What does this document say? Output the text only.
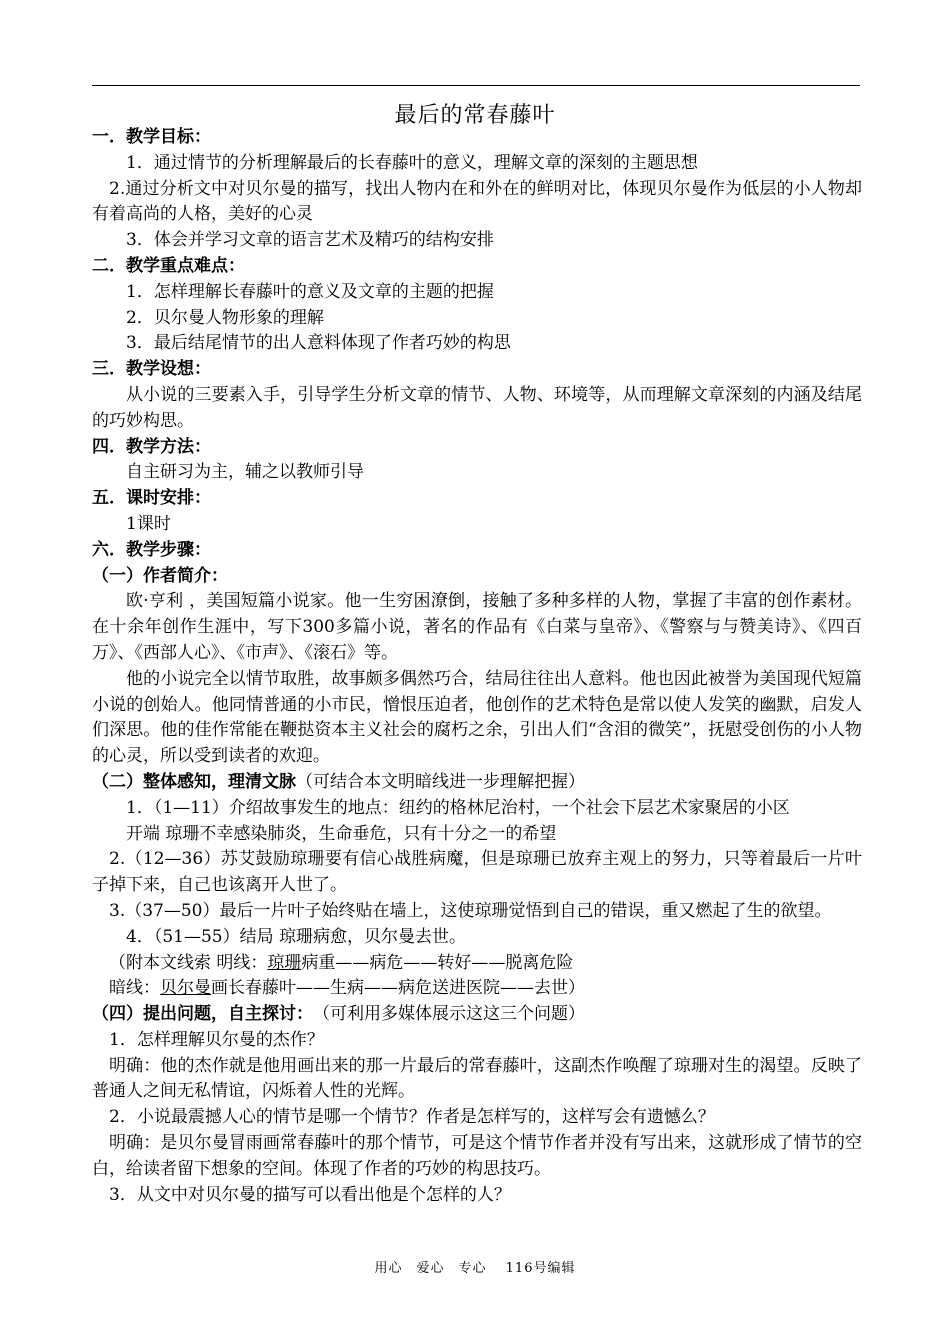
最后的常春藤叶

一．教学目标：

1．通过情节的分析理解最后的长春藤叶的意义，理解文章的深刻的主题思想

2.通过分析文中对贝尔曼的描写，找出人物内在和外在的鲜明对比，体现贝尔曼作为低层的小人物却有着高尚的人格，美好的心灵

3．体会并学习文章的语言艺术及精巧的结构安排

二．教学重点难点：

1．怎样理解长春藤叶的意义及文章的主题的把握

2．贝尔曼人物形象的理解

3．最后结尾情节的出人意料体现了作者巧妙的构思

三．教学设想：

从小说的三要素入手，引导学生分析文章的情节、人物、环境等，从而理解文章深刻的内涵及结尾的巧妙构思。

四．教学方法：

自主研习为主，辅之以教师引导

五．课时安排：

1课时

六．教学步骤：

（一）作者简介：

欧·亨利 ，美国短篇小说家。他一生穷困潦倒，接触了多种多样的人物，掌握了丰富的创作素材。在十余年创作生涯中，写下300多篇小说，著名的作品有《白菜与皇帝》、《警察与与赞美诗》、《四百万》、《西部人心》、《市声》、《滚石》等。

他的小说完全以情节取胜，故事颇多偶然巧合，结局往往出人意料。他也因此被誉为美国现代短篇小说的创始人。他同情普通的小市民，憎恨压迫者，他创作的艺术特色是常以使人发笑的幽默，启发人们深思。他的佳作常能在鞭挞资本主义社会的腐朽之余，引出人们“含泪的微笑”，抚慰受创伤的小人物的心灵，所以受到读者的欢迎。

（二）整体感知，理清文脉（可结合本文明暗线进一步理解把握）

1．（1—11）介绍故事发生的地点：纽约的格林尼治村，一个社会下层艺术家聚居的小区

开端 琼珊不幸感染肺炎，生命垂危，只有十分之一的希望

2.（12—36）苏艾鼓励琼珊要有信心战胜病魔，但是琼珊已放弃主观上的努力，只等着最后一片叶子掉下来，自己也该离开人世了。

3.（37—50）最后一片叶子始终贴在墙上，这使琼珊觉悟到自己的错误，重又燃起了生的欲望。

4．（51—55）结局 琼珊病愈，贝尔曼去世。

（附本文线索 明线：琼珊病重——病危——转好——脱离危险

暗线：贝尔曼画长春藤叶——生病——病危送进医院——去世）

（四）提出问题，自主探讨：　 （可利用多媒体展示这这三个问题）

1．怎样理解贝尔曼的杰作？

明确：他的杰作就是他用画出来的那一片最后的常春藤叶，这副杰作唤醒了琼珊对生的渴望。反映了普通人之间无私情谊，闪烁着人性的光辉。

2．小说最震撼人心的情节是哪一个情节？作者是怎样写的，这样写会有遗憾么？

明确：是贝尔曼冒雨画常春藤叶的那个情节，可是这个情节作者并没有写出来，这就形成了情节的空白，给读者留下想象的空间。体现了作者的巧妙的构思技巧。

3．从文中对贝尔曼的描写可以看出他是个怎样的人？

用心　爱心　专心　 116号编辑
